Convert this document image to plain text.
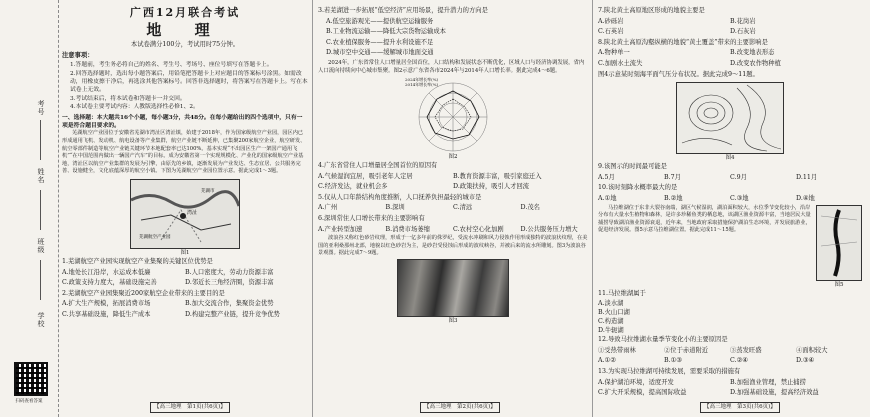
考号
姓名
班级
学校
扫码查看答案
广西12月联合考试
地 理

本试卷满分100分，考试用时75分钟。

注意事项：

1.答题前，考生务必将自己的姓名、考生号、考场号、座位号填写在答题卡上。

2.回答选择题时，选出每小题答案后，用铅笔把答题卡上对应题目的答案标号涂黑。如需改动，用橡皮擦干净后，再选涂其他答案标号。回答非选择题时，将答案写在答题卡上。写在本试卷上无效。

3.考试结束后，将本试卷和答题卡一并交回。

4.本试卷主要考试内容：人教版选择性必修1、2。

一、选择题：本大题共16个小题，每小题3分，共48分。在每小题给出的四个选项中，只有一项是符合题目要求的。

芜湖航空产业园位于安徽省芜湖市湾沚区湾沚镇，始建于2018年，作为国家级航空产业园，园区内已形成通用飞机、发动机、航电设备等产业集群，航空产业链不断延伸，已集聚200家航空企业，航空研发、航空零部件制造等航空产业链关键环节本地配套率已达100%。基本实现“不出园区生产一架国产通用飞机”“在中国范围内做出一辆国产汽车”的目标。成为安徽省第一个实现规模化、产业化的国家级航空产业基地，湾沚区以航空产业集群的发展为引擎，由原先的乡镇，逐渐发展为产业发达、生态宜居、公共服务完善、设施健全，文化底蕴深厚的航空小镇。下图为芜湖航空产业园位置示意。据此完成1～3题。

湾沚
芜湖航空产业园
芜湖市
图1

1.芜湖航空产业园实现航空产业集聚的关键区位优势是

A.地处长江沿岸，水运成本低廉	B.人口密度大，劳动力资源丰富
C.政策支持力度大，基础设施完善	D.邻近长三角经济圈，资源丰富

2.芜湖航空产业园集聚近200家航空企业带来的主要目的是

A.扩大生产规模，拓展消费市场	B.加大交流合作，集聚资金优势
C.共享基础设施，降低生产成本	D.构建完整产业链，提升竞争优势
【高三地理　第1页(共6页)】

3.若芜湖进一步拓展“低空经济”应用场景，提升潜力的方向是

A.低空旅游观光——提供航空运输服务

B.工业物流运输——降低大宗货物运输成本

C.农业植保服务——提升水利设施不足

D.城市空中交通——缓解城市地面交通

2024年，广东省常住人口增量居全国首位，人口结构和发展状态不断优化，区域人口与经济协调发展，省内人口流向持续向中心城市集聚。图2示意广东省各市2024年与2014年人口增长率。据此完成4～6题。

2024年增长率(%)
2014年增长率(%)
图2

4.广东省常住人口增量居全国首位的原因有

A.气候湿润宜居，吸引老年人定居	B.教育资源丰富，吸引家庭迁入
C.经济发达，就业机会多	D.政策扶持，吸引人才回流

5.仅从人口年龄结构角度推断，人口抚养负担最轻的城市是

A.广州	B.深圳	C.清远	D.茂名

6.深圳常住人口增长带来的主要影响有

A.产业转型加速	B.消费市场萎缩	C.农村空心化加剧	D.公共服务压力增大

波浪谷又称红色砂岩纹理，形成于一亿多年前的侏罗纪，受流水冲刷和风力侵蚀作用形成独特的波浪状纹理，在美国的亚利桑那州北部，地貌以红色砂岩为主，是砂岩受侵蚀后形成的波纹峡谷，并被后来的流水所雕刻。图3为波浪谷景观图。据此完成7～9题。

图3
【高三地理　第2页(共6页)】

7.陕北黄土高原地区形成的地貌主要是

A.砂砾岩	B.花岗岩
C.石英岩	D.石灰岩

8.陕北黄土高原沟壑纵横的地貌“黄土覆盖”带来的主要影响是

A.物种单一	B.改变地表形态
C.加剧水土流失	D.改变农作物种植

图4示意某时刻海平面气压分布状况。据此完成9～11题。

图4

9.该图示的时间最可能是

A.5月	B.7月	C.9月	D.11月

10.该时刻降水概率最大的是

A.①地	B.②地	C.③地	D.④地

马拉维湖位于东非大裂谷南端，湖区气候湿润，湖泊面积较大，水位季节变化较小，沿岸分布有大量水生植物和森林，是许多珍稀鱼类的栖息地，该湖区渔业资源丰富，当地居民大量捕捞导致湖泊渔业资源衰退，近年来，当地政府采取措施保护湖泊生态环境，并发展旅游业，促进经济发展。图5示意马拉维湖位置。据此完成11～15题。

图5

11.马拉维湖属于

A.淡水湖

B.火山口湖

C.构造湖

D.牛轭湖

12.导致马拉维湖水量季节变化小的主要原因是

①受热带雨林	②位于赤道附近	③蒸发旺盛	④面积较大
A.①②	B.①③	C.②④	D.③④

13.为实现马拉维湖可持续发展，需要采取的措施有

A.保护湖泊环境，适度开发	B.加强渔业管理，禁止捕捞
C.扩大开采规模，提高国际收益	D.加强基础设施，提高经济效益
【高三地理　第3页(共6页)】
